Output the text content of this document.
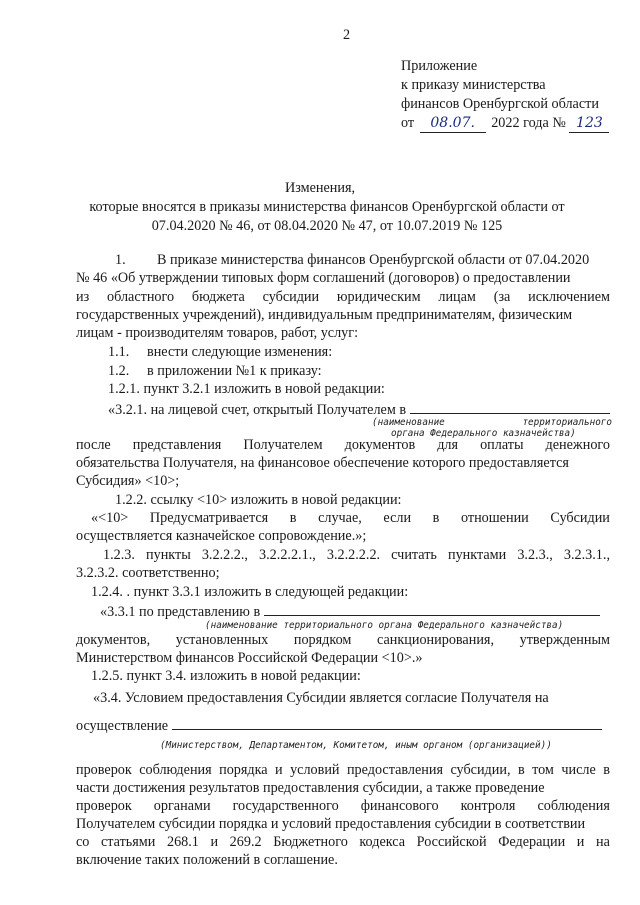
2
Приложение
к приказу министерства
финансов Оренбургской области
от 08.07. 2022 года № 123
Изменения,
которые вносятся в приказы министерства финансов Оренбургской области от
07.04.2020 № 46, от 08.04.2020 № 47, от 10.07.2019 № 125
1. В приказе министерства финансов Оренбургской области от 07.04.2020
№ 46 «Об утверждении типовых форм соглашений (договоров) о предоставлении
из областного бюджета субсидии юридическим лицам (за исключением
государственных учреждений), индивидуальным предпринимателям, физическим
лицам - производителям товаров, работ, услуг:
1.1. внести следующие изменения:
1.2. в приложении №1 к приказу:
1.2.1. пункт 3.2.1 изложить в новой редакции:
«3.2.1. на лицевой счет, открытый Получателем в
(наименование	территориального
органа Федерального казначейства)
после представления Получателем документов для оплаты денежного
обязательства Получателя, на финансовое обеспечение которого предоставляется
Субсидия» <10>;
1.2.2. ссылку <10> изложить в новой редакции:
«<10> Предусматривается в случае, если в отношении Субсидии
осуществляется казначейское сопровождение.»;
1.2.3. пункты 3.2.2.2., 3.2.2.2.1., 3.2.2.2.2. считать пунктами 3.2.3., 3.2.3.1.,
3.2.3.2. соответственно;
1.2.4. . пункт 3.3.1 изложить в следующей редакции:
«3.3.1 по представлению в
(наименование территориального органа Федерального казначейства)
документов, установленных порядком санкционирования, утвержденным
Министерством финансов Российской Федерации <10>.»
1.2.5. пункт 3.4. изложить в новой редакции:
«3.4. Условием предоставления Субсидии является согласие Получателя на
осуществление
(Министерством, Департаментом, Комитетом, иным органом (организацией))
проверок соблюдения порядка и условий предоставления субсидии, в том числе в
части достижения результатов предоставления субсидии, а также проведение
проверок органами государственного финансового контроля соблюдения
Получателем субсидии порядка и условий предоставления субсидии в соответствии
со статьями 268.1 и 269.2 Бюджетного кодекса Российской Федерации и на
включение таких положений в соглашение.
